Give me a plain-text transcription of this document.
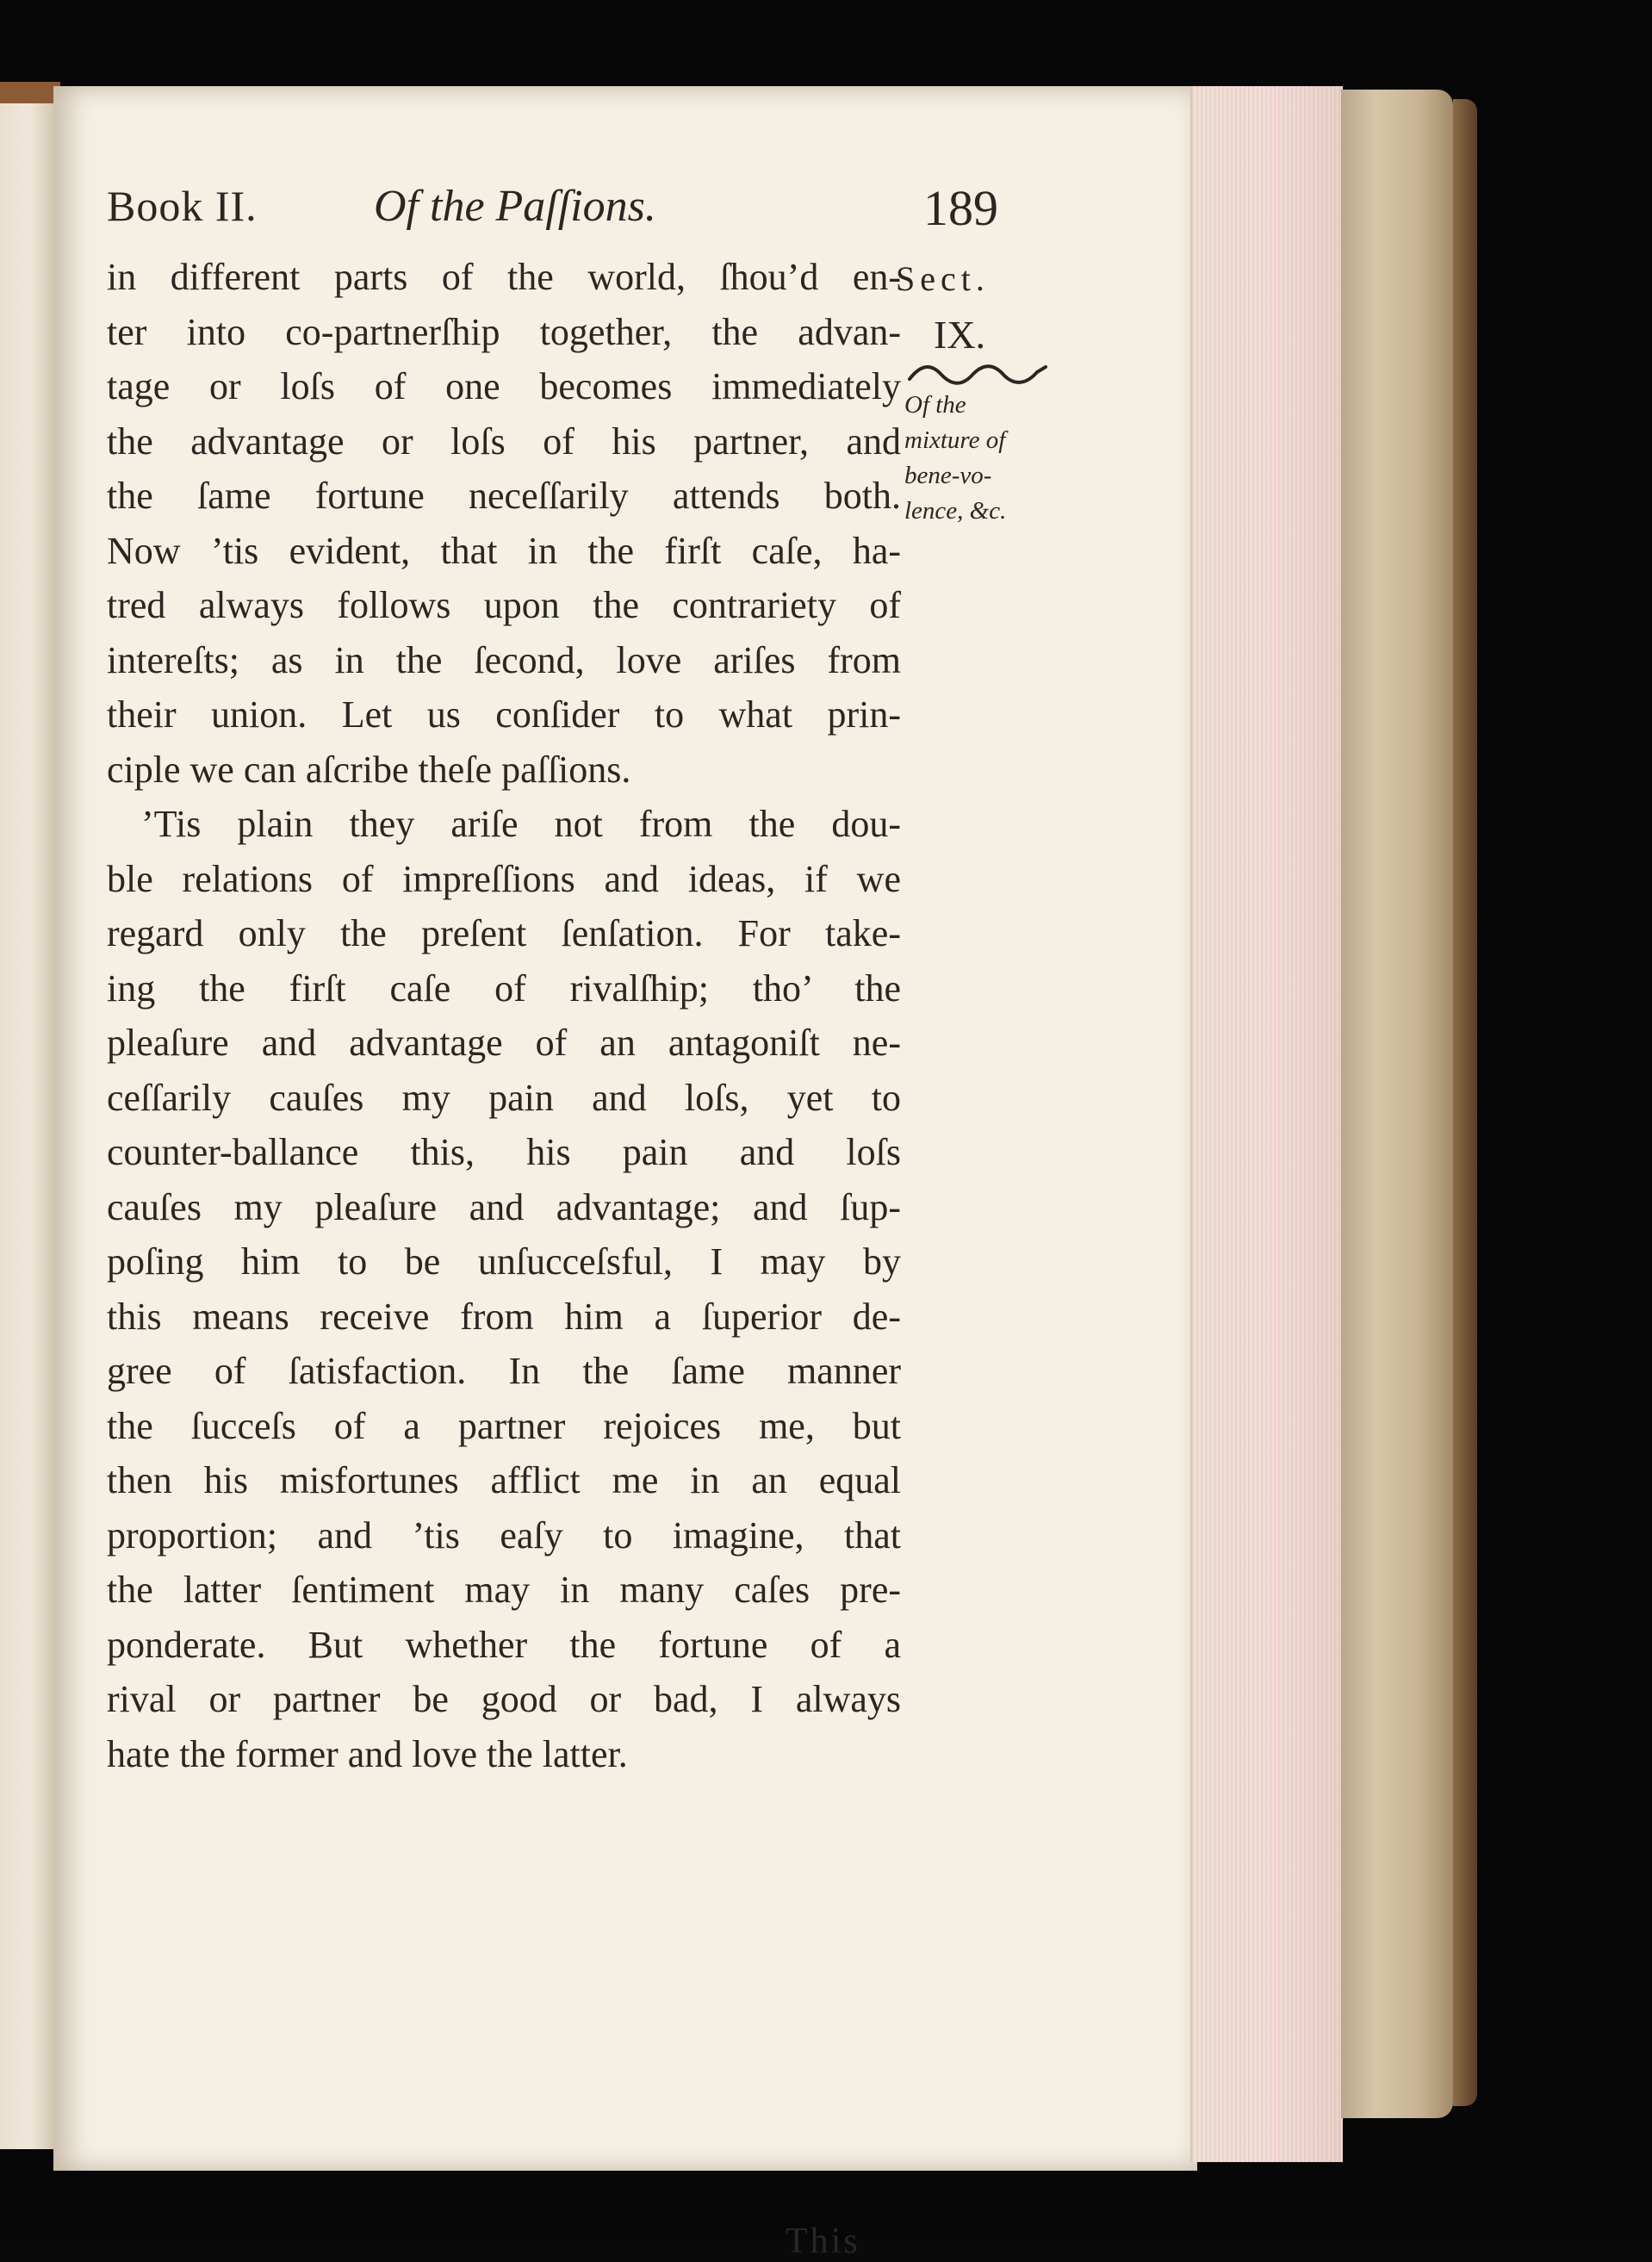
Book II.	Of the Paſſions.	189
in different parts of the world, ſhou’d en-
ter into co-partnerſhip together, the advan-
tage or loſs of one becomes immediately
the advantage or loſs of his partner, and
the ſame fortune neceſſarily attends both.
Now ’tis evident, that in the firſt caſe, ha-
tred always follows upon the contrariety of
intereſts; as in the ſecond, love ariſes from
their union. Let us conſider to what prin-
ciple we can aſcribe theſe paſſions.
’Tis plain they ariſe not from the dou-
ble relations of impreſſions and ideas, if we
regard only the preſent ſenſation. For take-
ing the firſt caſe of rivalſhip; tho’ the
pleaſure and advantage of an antagoniſt ne-
ceſſarily cauſes my pain and loſs, yet to
counter-ballance this, his pain and loſs
cauſes my pleaſure and advantage; and ſup-
poſing him to be unſucceſsful, I may by
this means receive from him a ſuperior de-
gree of ſatisfaction. In the ſame manner
the ſucceſs of a partner rejoices me, but
then his misfortunes afflict me in an equal
proportion; and ’tis eaſy to imagine, that
the latter ſentiment may in many caſes pre-
ponderate. But whether the fortune of a
rival or partner be good or bad, I always
hate the former and love the latter.
Sect.
IX.
Of the
mixture of
bene-vo-
lence, &c.
This
